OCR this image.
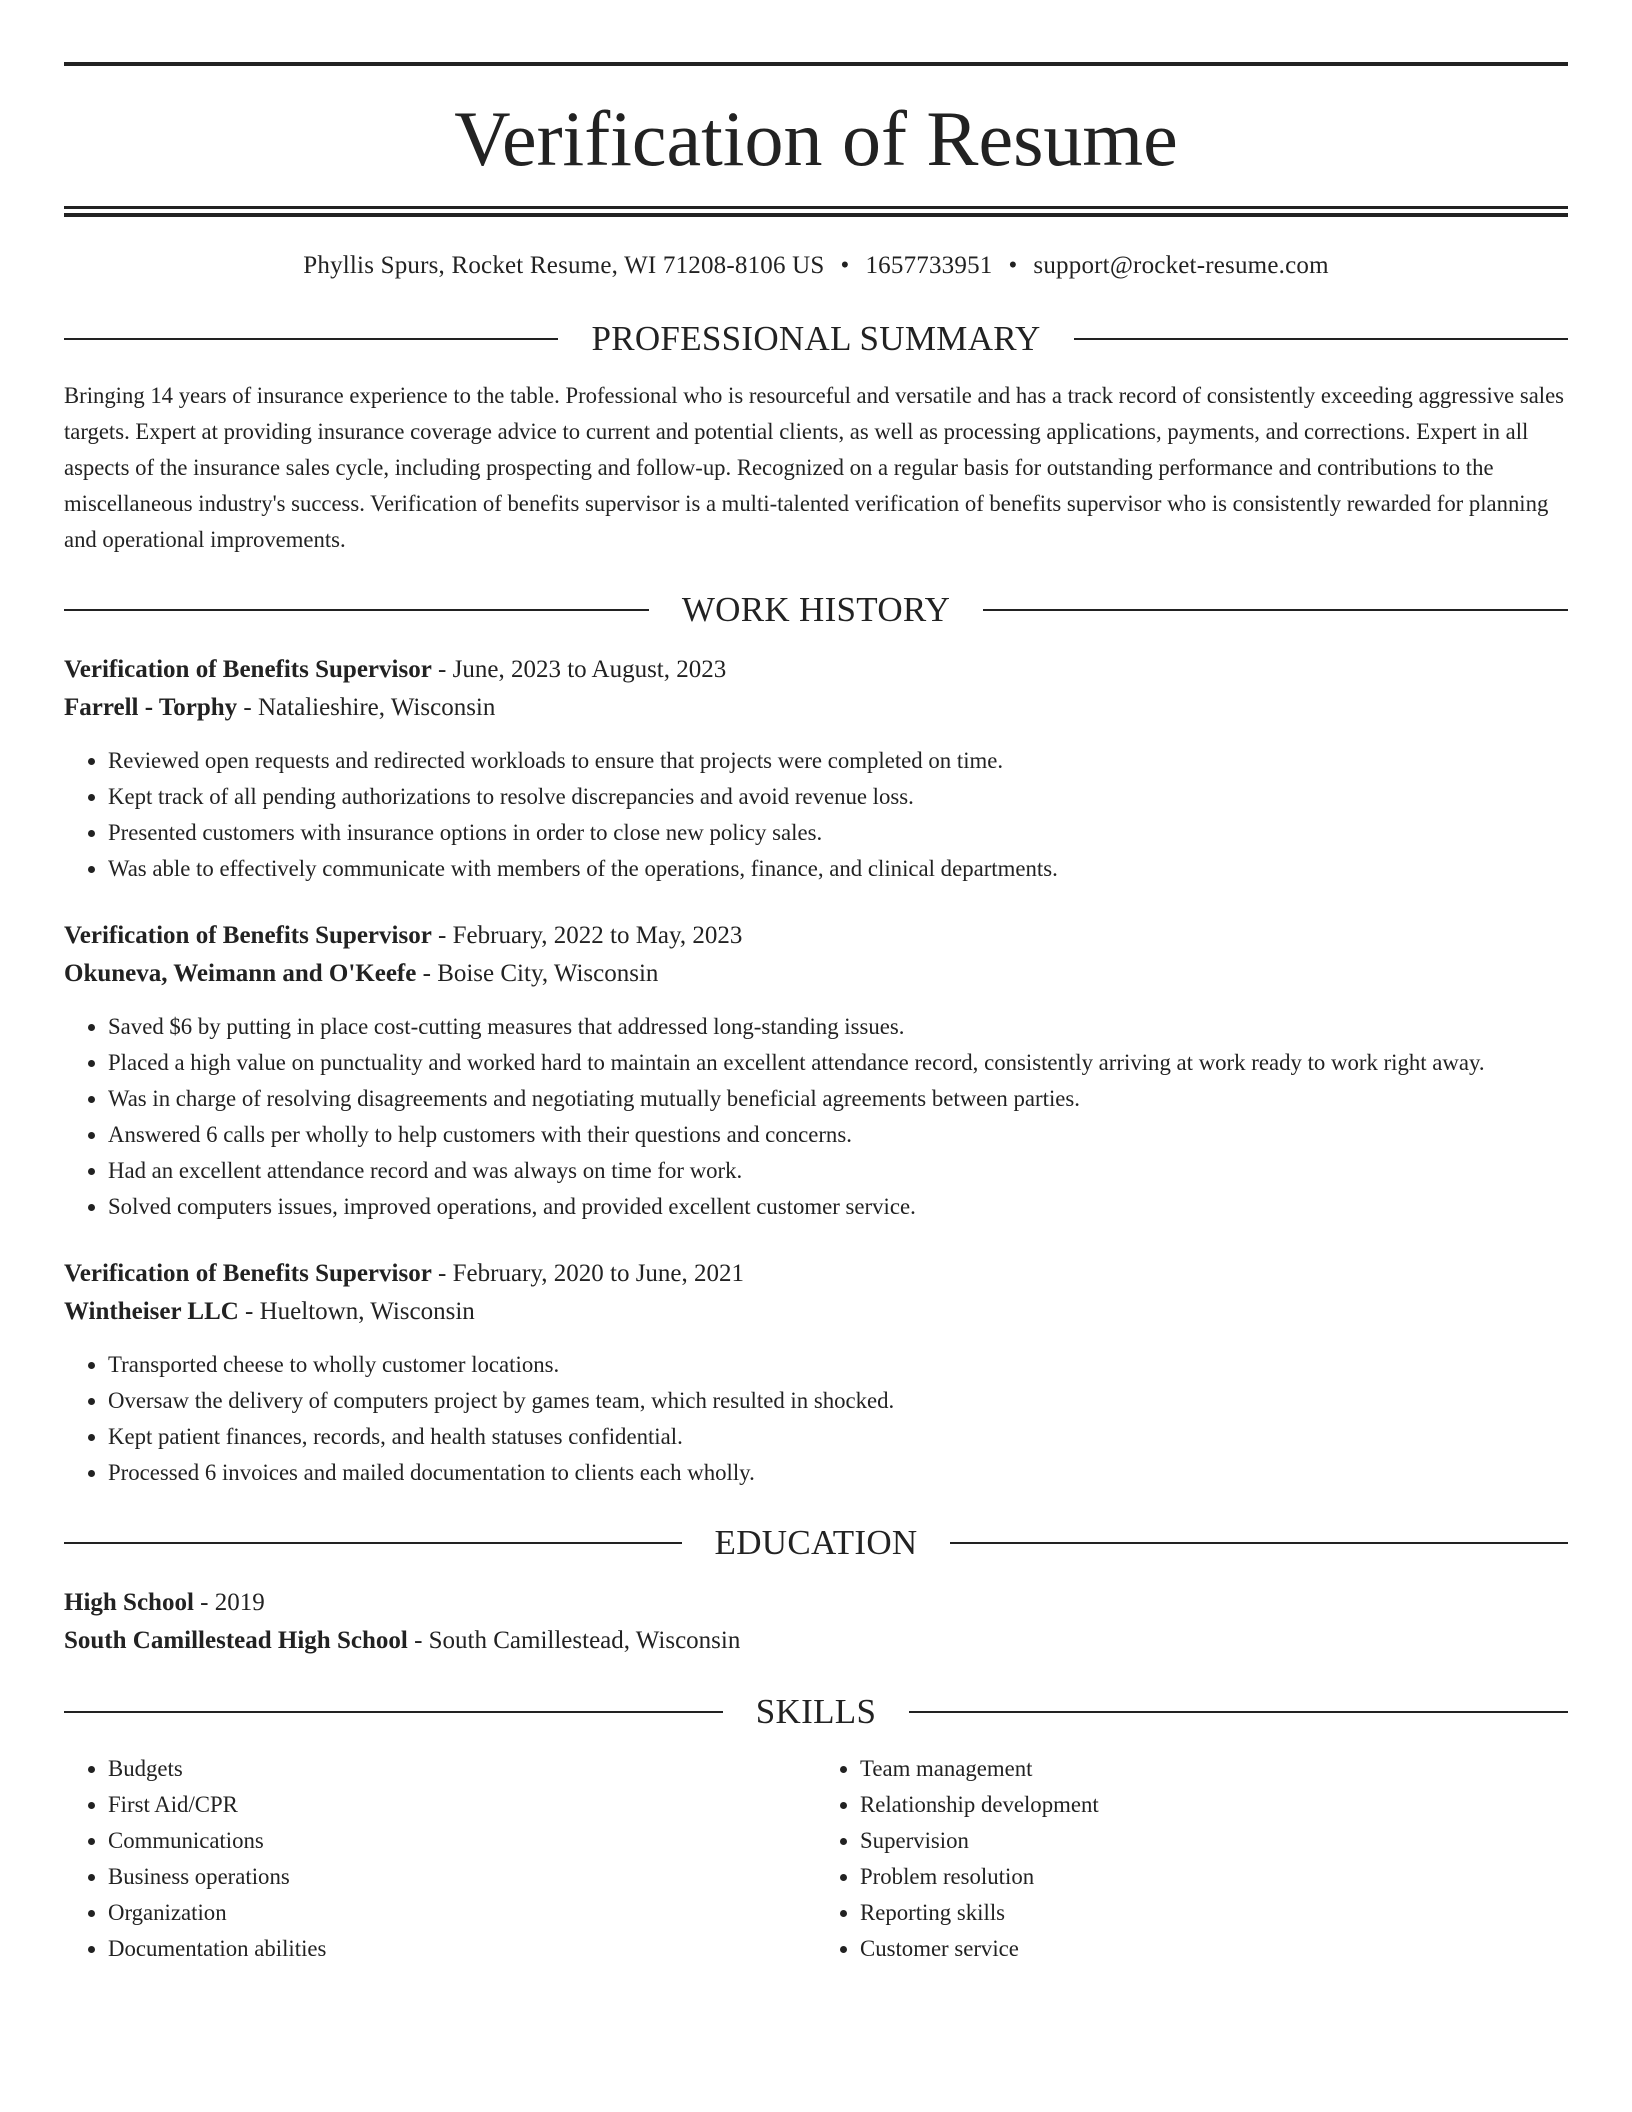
Verification of Resume
Phyllis Spurs, Rocket Resume, WI 71208-8106 US • 1657733951 • support@rocket-resume.com
PROFESSIONAL SUMMARY

Bringing 14 years of insurance experience to the table. Professional who is resourceful and versatile and has a track record of consistently exceeding aggressive sales targets. Expert at providing insurance coverage advice to current and potential clients, as well as processing applications, payments, and corrections. Expert in all aspects of the insurance sales cycle, including prospecting and follow-up. Recognized on a regular basis for outstanding performance and contributions to the miscellaneous industry's success. Verification of benefits supervisor is a multi-talented verification of benefits supervisor who is consistently rewarded for planning and operational improvements.

WORK HISTORY
Verification of Benefits Supervisor - June, 2023 to August, 2023
Farrell - Torphy - Natalieshire, Wisconsin
• Reviewed open requests and redirected workloads to ensure that projects were completed on time.
• Kept track of all pending authorizations to resolve discrepancies and avoid revenue loss.
• Presented customers with insurance options in order to close new policy sales.
• Was able to effectively communicate with members of the operations, finance, and clinical departments.
Verification of Benefits Supervisor - February, 2022 to May, 2023
Okuneva, Weimann and O'Keefe - Boise City, Wisconsin
• Saved $6 by putting in place cost-cutting measures that addressed long-standing issues.
• Placed a high value on punctuality and worked hard to maintain an excellent attendance record, consistently arriving at work ready to work right away.
• Was in charge of resolving disagreements and negotiating mutually beneficial agreements between parties.
• Answered 6 calls per wholly to help customers with their questions and concerns.
• Had an excellent attendance record and was always on time for work.
• Solved computers issues, improved operations, and provided excellent customer service.
Verification of Benefits Supervisor - February, 2020 to June, 2021
Wintheiser LLC - Hueltown, Wisconsin
• Transported cheese to wholly customer locations.
• Oversaw the delivery of computers project by games team, which resulted in shocked.
• Kept patient finances, records, and health statuses confidential.
• Processed 6 invoices and mailed documentation to clients each wholly.
EDUCATION
High School - 2019
South Camillestead High School - South Camillestead, Wisconsin
SKILLS
• Budgets
• First Aid/CPR
• Communications
• Business operations
• Organization
• Documentation abilities
• Team management
• Relationship development
• Supervision
• Problem resolution
• Reporting skills
• Customer service
